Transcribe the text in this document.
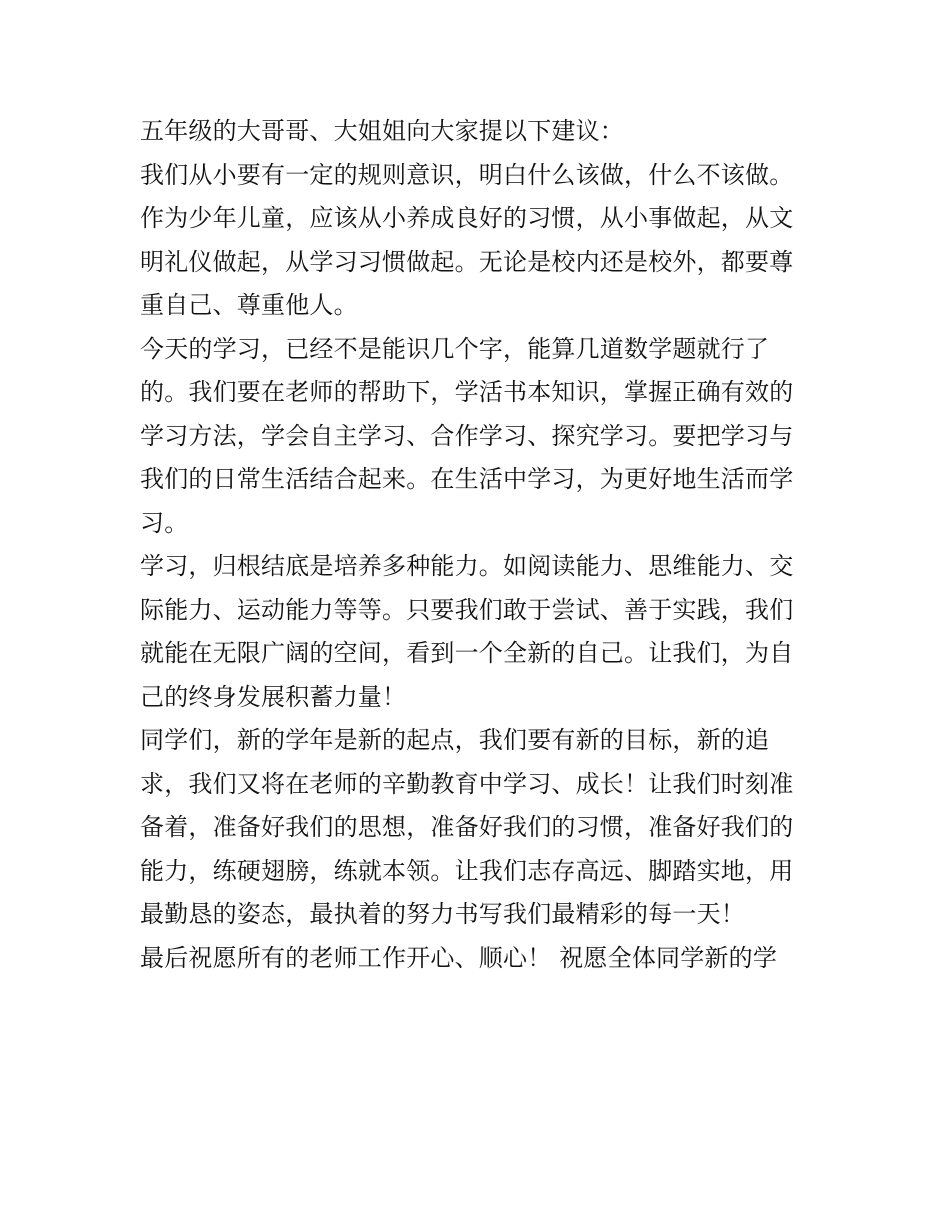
五年级的大哥哥、大姐姐向大家提以下建议：
我们从小要有一定的规则意识，明白什么该做，什么不该做。
作为少年儿童，应该从小养成良好的习惯，从小事做起，从文
明礼仪做起，从学习习惯做起。无论是校内还是校外，都要尊
重自己、尊重他人。
今天的学习，已经不是能识几个字，能算几道数学题就行了
的。我们要在老师的帮助下，学活书本知识，掌握正确有效的
学习方法，学会自主学习、合作学习、探究学习。要把学习与
我们的日常生活结合起来。在生活中学习，为更好地生活而学
习。
学习，归根结底是培养多种能力。如阅读能力、思维能力、交
际能力、运动能力等等。只要我们敢于尝试、善于实践，我们
就能在无限广阔的空间，看到一个全新的自己。让我们，为自
己的终身发展积蓄力量！
同学们，新的学年是新的起点，我们要有新的目标，新的追
求，我们又将在老师的辛勤教育中学习、成长！让我们时刻准
备着，准备好我们的思想，准备好我们的习惯，准备好我们的
能力，练硬翅膀，练就本领。让我们志存高远、脚踏实地，用
最勤恳的姿态，最执着的努力书写我们最精彩的每一天！
最后祝愿所有的老师工作开心、顺心！ 祝愿全体同学新的学
